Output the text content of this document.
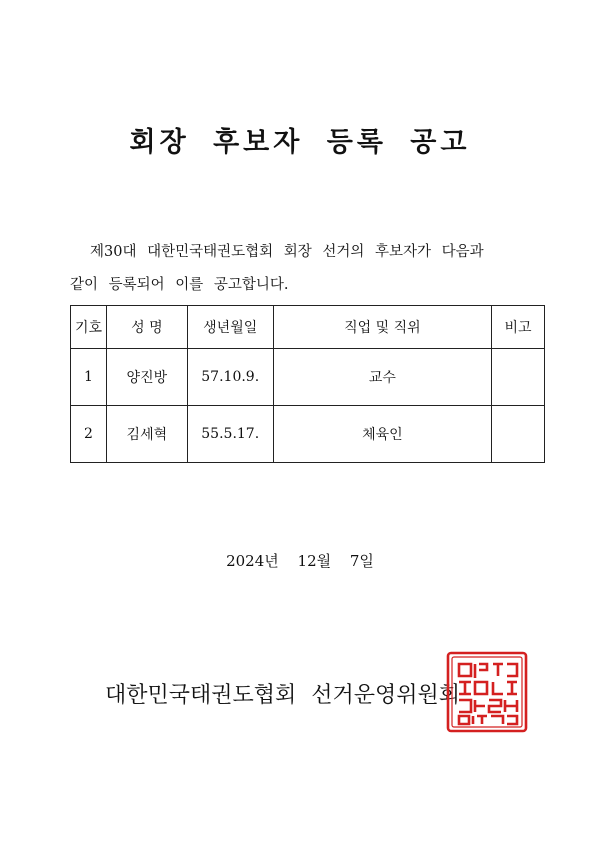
회장 후보자 등록 공고
제30대 대한민국태권도협회 회장 선거의 후보자가 다음과
같이 등록되어 이를 공고합니다.
기호	성 명	생년월일	직업 및 직위	비고
1	양진방	57.10.9.	교수	
2	김세혁	55.5.17.	체육인	
2024년 12월 7일
대한민국태권도협회 선거운영위원회
